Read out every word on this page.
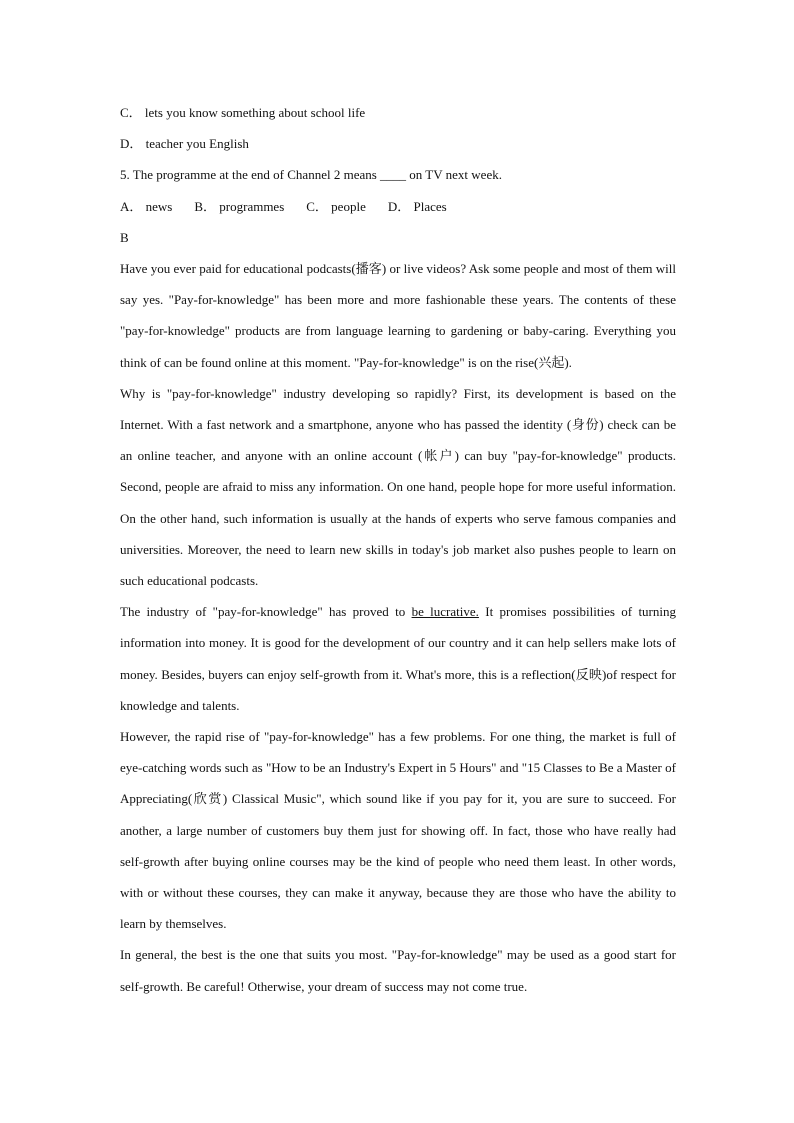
C． lets you know something about school life

D． teacher you English

5. The programme at the end of Channel 2 means ____ on TV next week.

A． news B． programmes C． people D． Places

B

Have you ever paid for educational podcasts(播客) or live videos? Ask some people and most of them will say yes. "Pay-for-knowledge" has been more and more fashionable these years. The contents of these "pay-for-knowledge" products are from language learning to gardening or baby-caring. Everything you think of can be found online at this moment. "Pay-for-knowledge" is on the rise(兴起).

Why is "pay-for-knowledge" industry developing so rapidly? First, its development is based on the Internet. With a fast network and a smartphone, anyone who has passed the identity (身份) check can be an online teacher, and anyone with an online account (帐户) can buy "pay-for-knowledge" products. Second, people are afraid to miss any information. On one hand, people hope for more useful information. On the other hand, such information is usually at the hands of experts who serve famous companies and universities. Moreover, the need to learn new skills in today's job market also pushes people to learn on such educational podcasts.

The industry of "pay-for-knowledge" has proved to be lucrative. It promises possibilities of turning information into money. It is good for the development of our country and it can help sellers make lots of money. Besides, buyers can enjoy self-growth from it. What's more, this is a reflection(反映)of respect for knowledge and talents.

However, the rapid rise of "pay-for-knowledge" has a few problems. For one thing, the market is full of eye-catching words such as "How to be an Industry's Expert in 5 Hours" and "15 Classes to Be a Master of Appreciating(欣赏) Classical Music", which sound like if you pay for it, you are sure to succeed. For another, a large number of customers buy them just for showing off. In fact, those who have really had self-growth after buying online courses may be the kind of people who need them least. In other words, with or without these courses, they can make it anyway, because they are those who have the ability to learn by themselves.

In general, the best is the one that suits you most. "Pay-for-knowledge" may be used as a good start for self-growth. Be careful! Otherwise, your dream of success may not come true.
